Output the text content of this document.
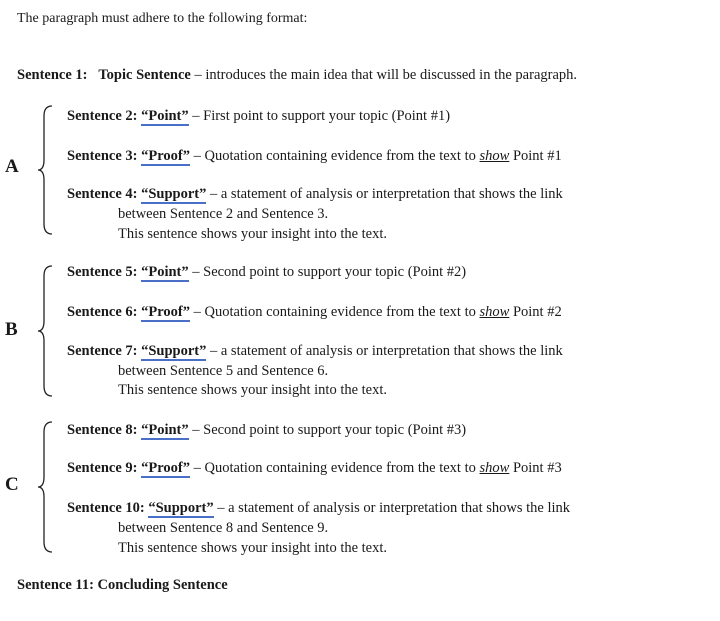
The paragraph must adhere to the following format:
Sentence 1: Topic Sentence – introduces the main idea that will be discussed in the paragraph.
A
Sentence 2: “Point” – First point to support your topic (Point #1)
Sentence 3: “Proof” – Quotation containing evidence from the text to show Point #1
Sentence 4: “Support” – a statement of analysis or interpretation that shows the link
between Sentence 2 and Sentence 3.
This sentence shows your insight into the text.
B
Sentence 5: “Point” – Second point to support your topic (Point #2)
Sentence 6: “Proof” – Quotation containing evidence from the text to show Point #2
Sentence 7: “Support” – a statement of analysis or interpretation that shows the link
between Sentence 5 and Sentence 6.
This sentence shows your insight into the text.
C
Sentence 8: “Point” – Second point to support your topic (Point #3)
Sentence 9: “Proof” – Quotation containing evidence from the text to show Point #3
Sentence 10: “Support” – a statement of analysis or interpretation that shows the link
between Sentence 8 and Sentence 9.
This sentence shows your insight into the text.
Sentence 11: Concluding Sentence
